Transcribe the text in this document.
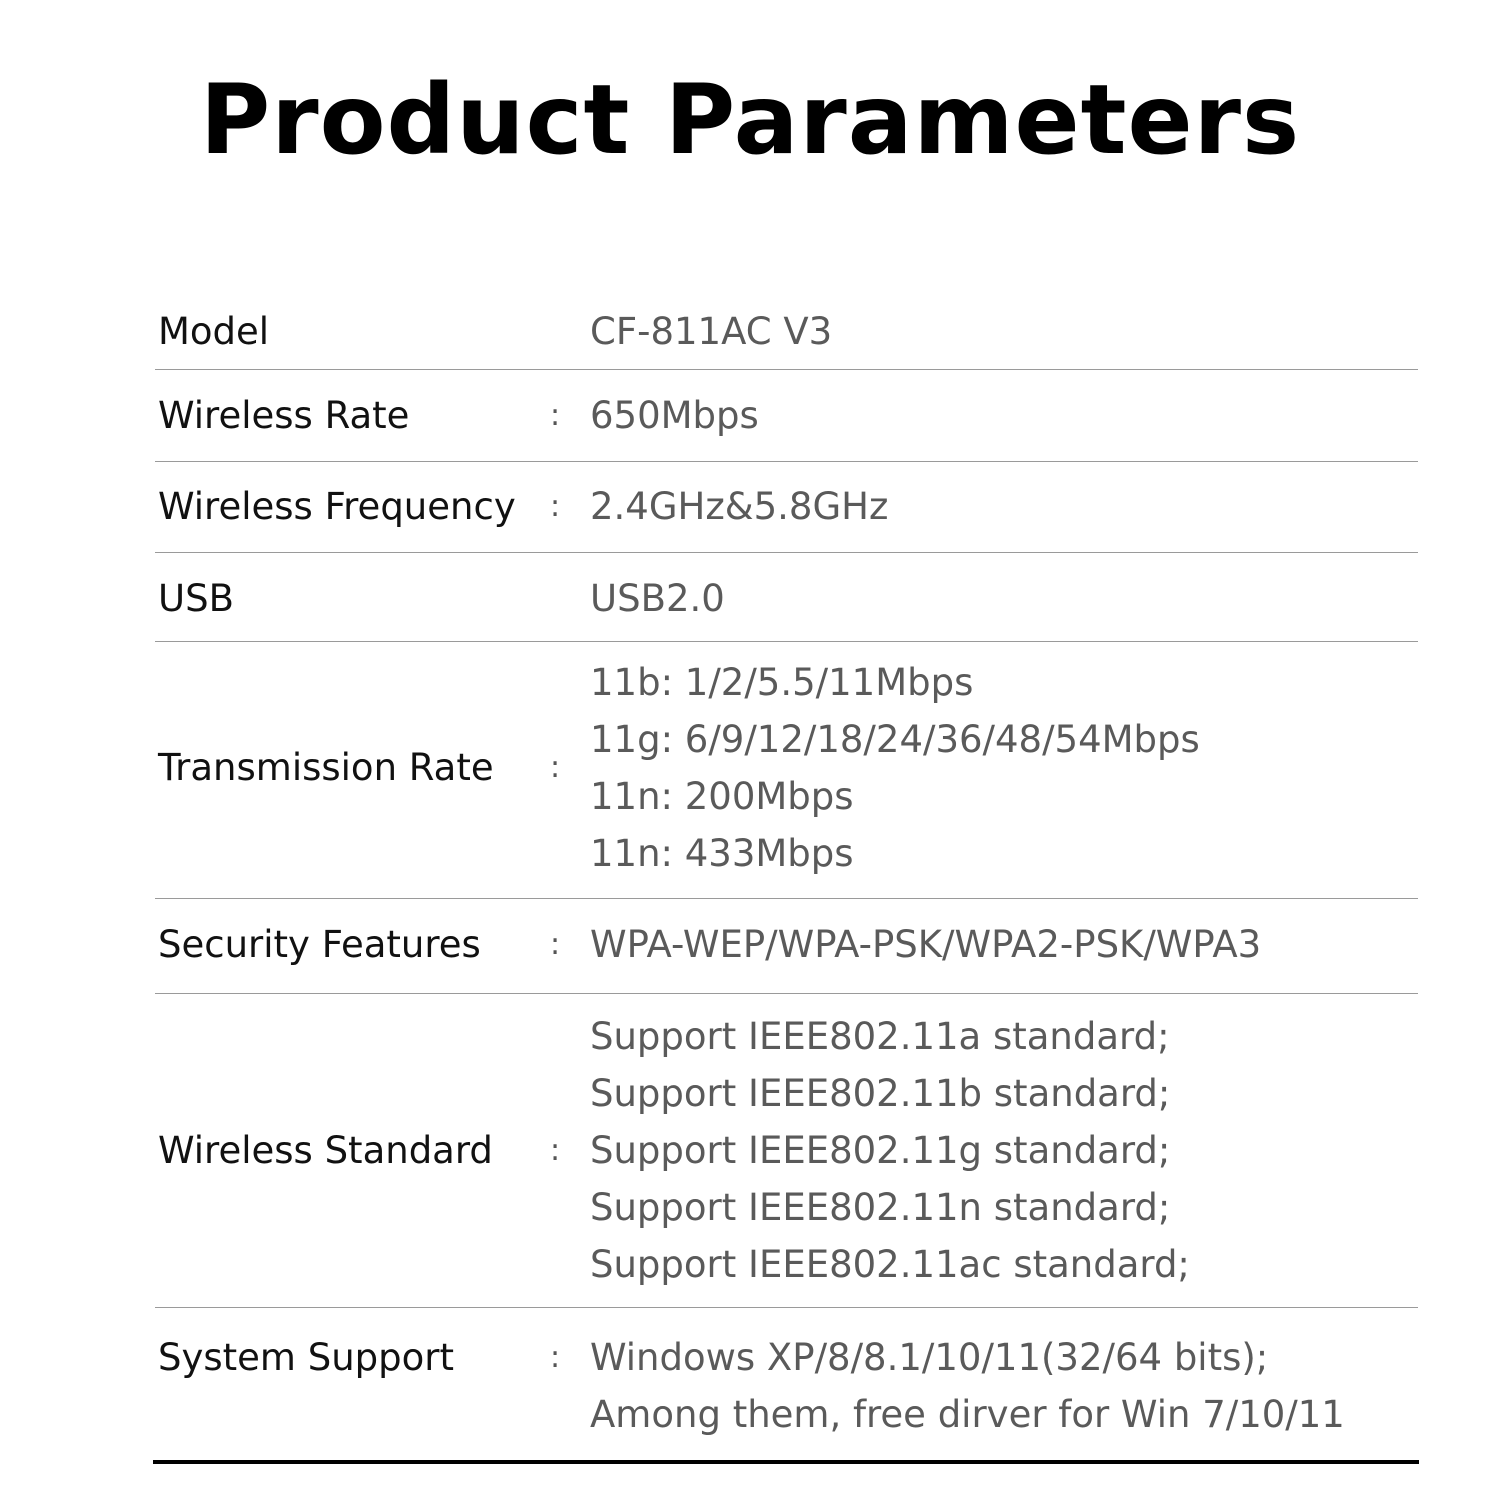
Product Parameters
Model	CF-811AC V3
Wireless Rate	: 650Mbps
Wireless Frequency : 2.4GHz&5.8GHz
USB	USB2.0
Transmission Rate :
11b: 1/2/5.5/11Mbps
11g: 6/9/12/18/24/36/48/54Mbps
11n: 200Mbps
11n: 433Mbps
Security Features : WPA-WEP/WPA-PSK/WPA2-PSK/WPA3
Wireless Standard :
Support IEEE802.11a standard;
Support IEEE802.11b standard;
Support IEEE802.11g standard;
Support IEEE802.11n standard;
Support IEEE802.11ac standard;
System Support	: Windows XP/8/8.1/10/11(32/64 bits);
Among them, free dirver for Win 7/10/11
